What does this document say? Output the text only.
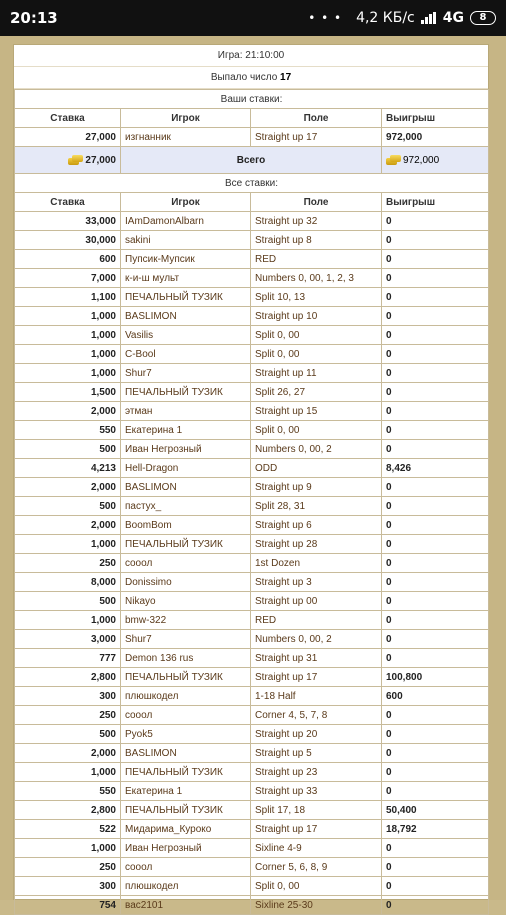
20:13	• • • 4,2 КБ/с 4G	8
Игра: 21:10:00
Выпало число 17
Ваши ставки:			
Ставка	Игрок	Поле	Выигрыш
27,000	изгнанник	Straight up 17	972,000
27,000	Всего		972,000
Все ставки:			
Ставка	Игрок	Поле	Выигрыш
33,000	IAmDamonAlbarn	Straight up 32	0
30,000	sakini	Straight up 8	0
600	Пупсик-Мупсик	RED	0
7,000	к-и-ш мульт	Numbers 0, 00, 1, 2, 3	0
1,100	ПЕЧАЛЬНЫЙ ТУЗИК	Split 10, 13	0
1,000	BASLIMON	Straight up 10	0
1,000	Vasilis	Split 0, 00	0
1,000	C-Bool	Split 0, 00	0
1,000	Shur7	Straight up 11	0
1,500	ПЕЧАЛЬНЫЙ ТУЗИК	Split 26, 27	0
2,000	этман	Straight up 15	0
550	Екатерина 1	Split 0, 00	0
500	Иван Негрозный	Numbers 0, 00, 2	0
4,213	Hell-Dragon	ODD	8,426
2,000	BASLIMON	Straight up 9	0
500	пастух_	Split 28, 31	0
2,000	BoomBom	Straight up 6	0
1,000	ПЕЧАЛЬНЫЙ ТУЗИК	Straight up 28	0
250	сooол	1st Dozen	0
8,000	Donissimo	Straight up 3	0
500	Nikayo	Straight up 00	0
1,000	bmw-322	RED	0
3,000	Shur7	Numbers 0, 00, 2	0
777	Demon 136 rus	Straight up 31	0
2,800	ПЕЧАЛЬНЫЙ ТУЗИК	Straight up 17	100,800
300	плюшкодел	1-18 Half	600
250	сooол	Corner 4, 5, 7, 8	0
500	Pyok5	Straight up 20	0
2,000	BASLIMON	Straight up 5	0
1,000	ПЕЧАЛЬНЫЙ ТУЗИК	Straight up 23	0
550	Екатерина 1	Straight up 33	0
2,800	ПЕЧАЛЬНЫЙ ТУЗИК	Split 17, 18	50,400
522	Мидарима_Куроко	Straight up 17	18,792
1,000	Иван Негрозный	Sixline 4-9	0
250	сooол	Corner 5, 6, 8, 9	0
300	плюшкодел	Split 0, 00	0
754	вас2101	Sixline 25-30	0
